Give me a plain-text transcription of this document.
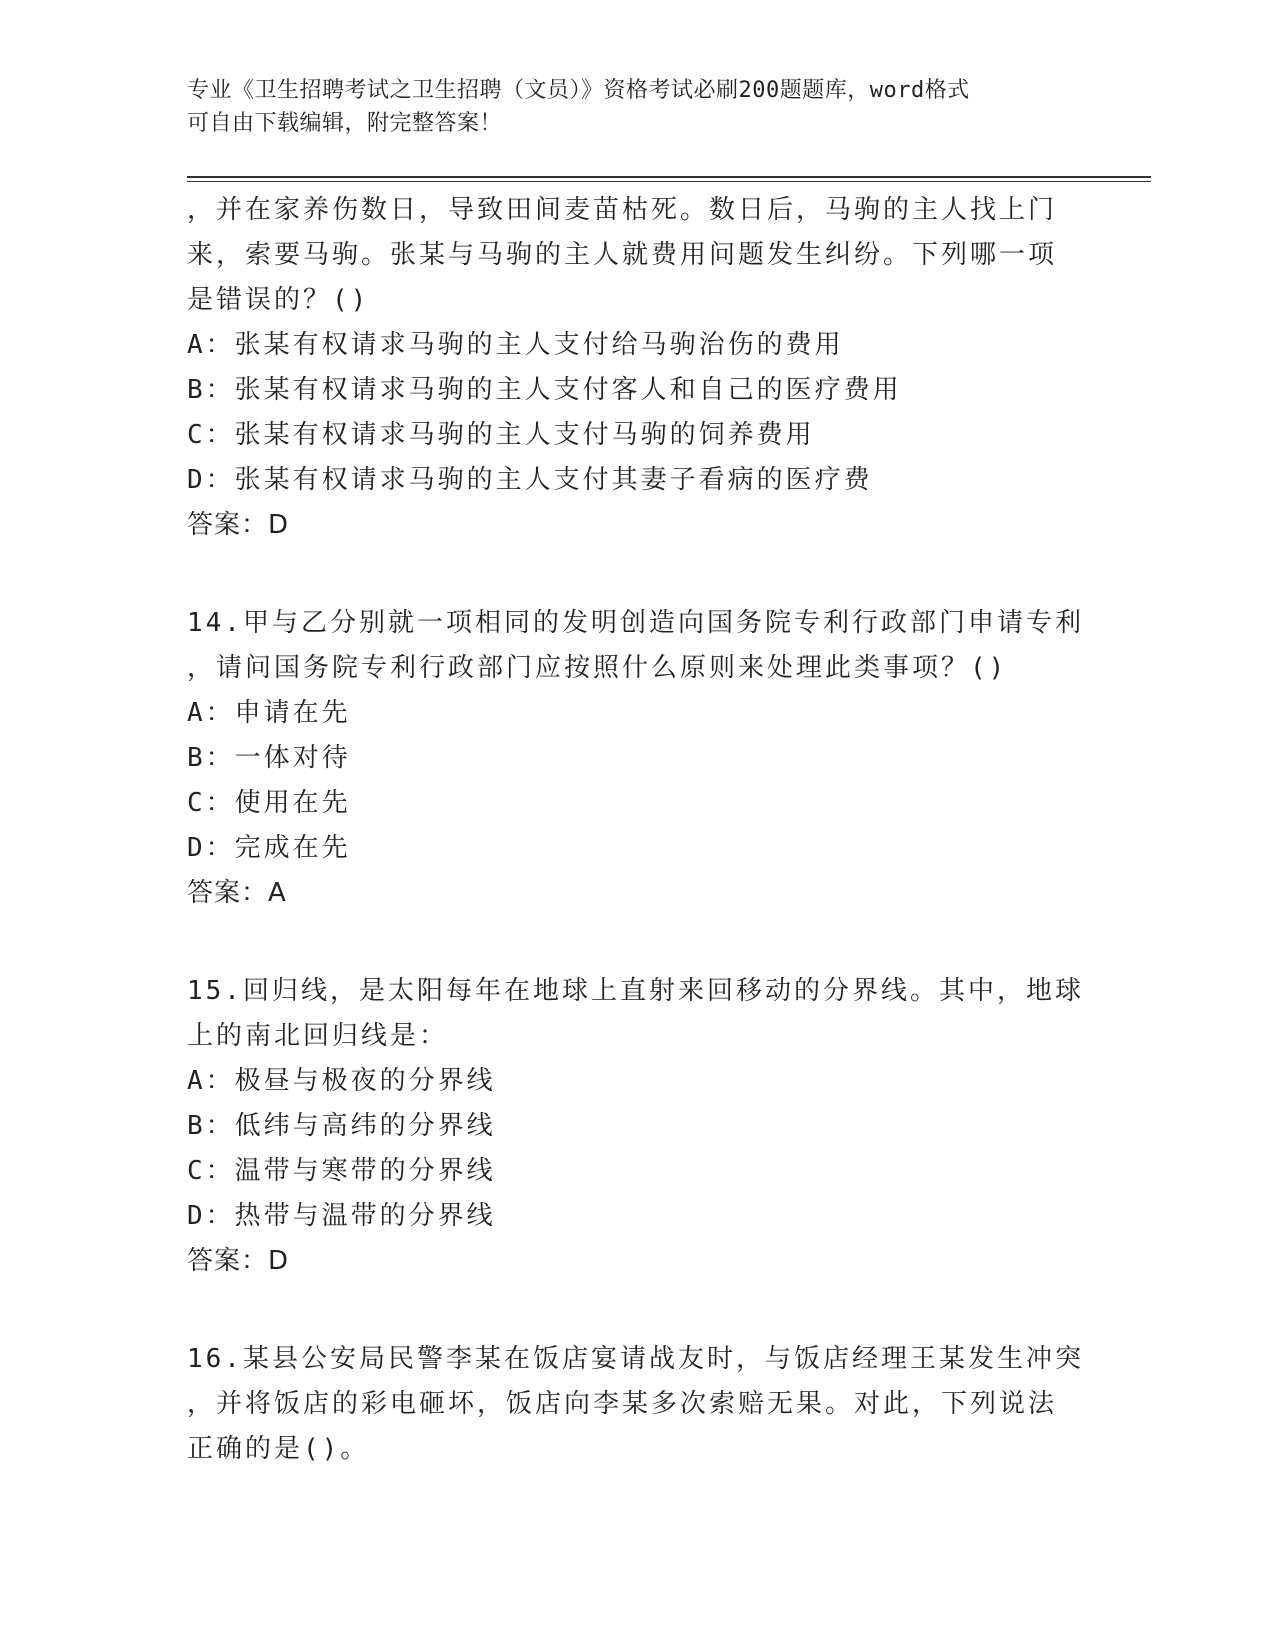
专业《卫生招聘考试之卫生招聘（文员）》资格考试必刷200题题库，word格式
可自由下载编辑，附完整答案！
，并在家养伤数日，导致田间麦苗枯死。数日后，马驹的主人找上门
来，索要马驹。张某与马驹的主人就费用问题发生纠纷。下列哪一项
是错误的？()
A：张某有权请求马驹的主人支付给马驹治伤的费用
B：张某有权请求马驹的主人支付客人和自己的医疗费用
C：张某有权请求马驹的主人支付马驹的饲养费用
D：张某有权请求马驹的主人支付其妻子看病的医疗费
答案：D
14.甲与乙分别就一项相同的发明创造向国务院专利行政部门申请专利
，请问国务院专利行政部门应按照什么原则来处理此类事项？()
A：申请在先
B：一体对待
C：使用在先
D：完成在先
答案：A
15.回归线，是太阳每年在地球上直射来回移动的分界线。其中，地球
上的南北回归线是：
A：极昼与极夜的分界线
B：低纬与高纬的分界线
C：温带与寒带的分界线
D：热带与温带的分界线
答案：D
16.某县公安局民警李某在饭店宴请战友时，与饭店经理王某发生冲突
，并将饭店的彩电砸坏，饭店向李某多次索赔无果。对此，下列说法
正确的是()。
